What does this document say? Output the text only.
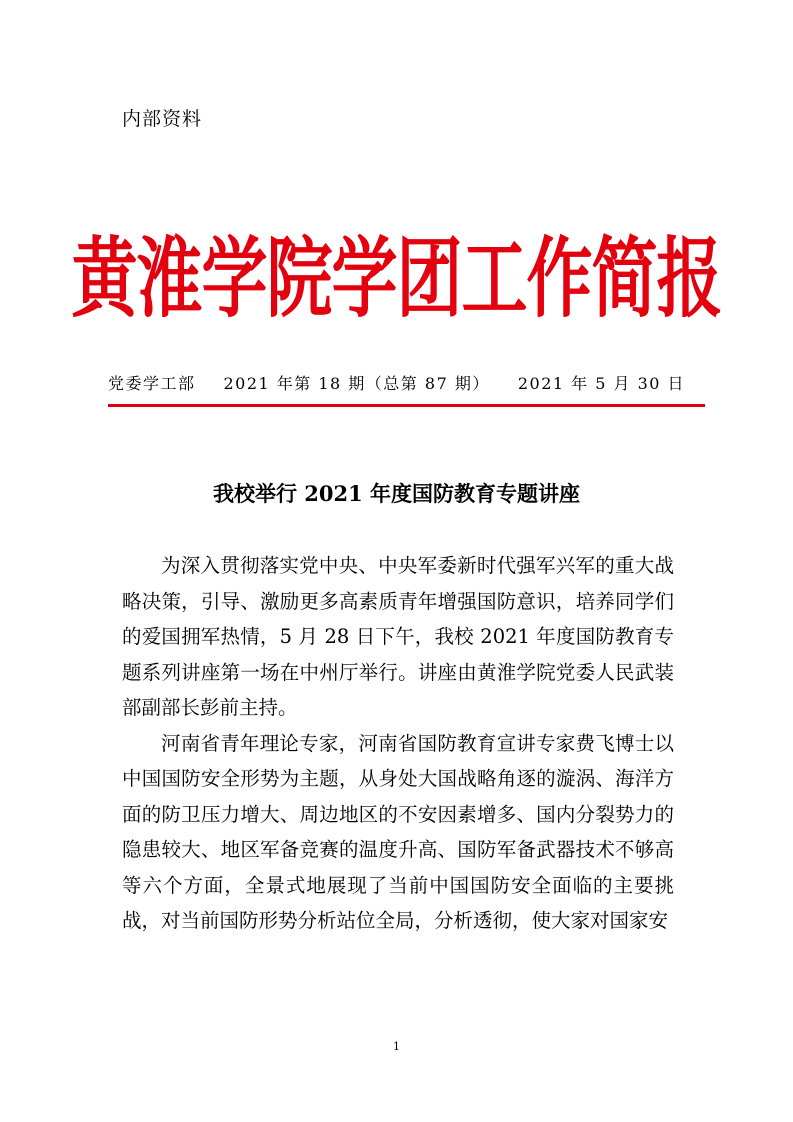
内部资料
黄淮学院学团工作简报
党委学工部 2021 年第 18 期（总第 87 期） 2021 年 5 月 30 日
我校举行 2021 年度国防教育专题讲座

为深入贯彻落实党中央、中央军委新时代强军兴军的重大战略决策，引导、激励更多高素质青年增强国防意识，培养同学们的爱国拥军热情，5 月 28 日下午，我校 2021 年度国防教育专题系列讲座第一场在中州厅举行。讲座由黄淮学院党委人民武装部副部长彭前主持。

河南省青年理论专家，河南省国防教育宣讲专家费飞博士以中国国防安全形势为主题，从身处大国战略角逐的漩涡、海洋方面的防卫压力增大、周边地区的不安因素增多、国内分裂势力的隐患较大、地区军备竞赛的温度升高、国防军备武器技术不够高等六个方面，全景式地展现了当前中国国防安全面临的主要挑战，对当前国防形势分析站位全局，分析透彻，使大家对国家安

1
